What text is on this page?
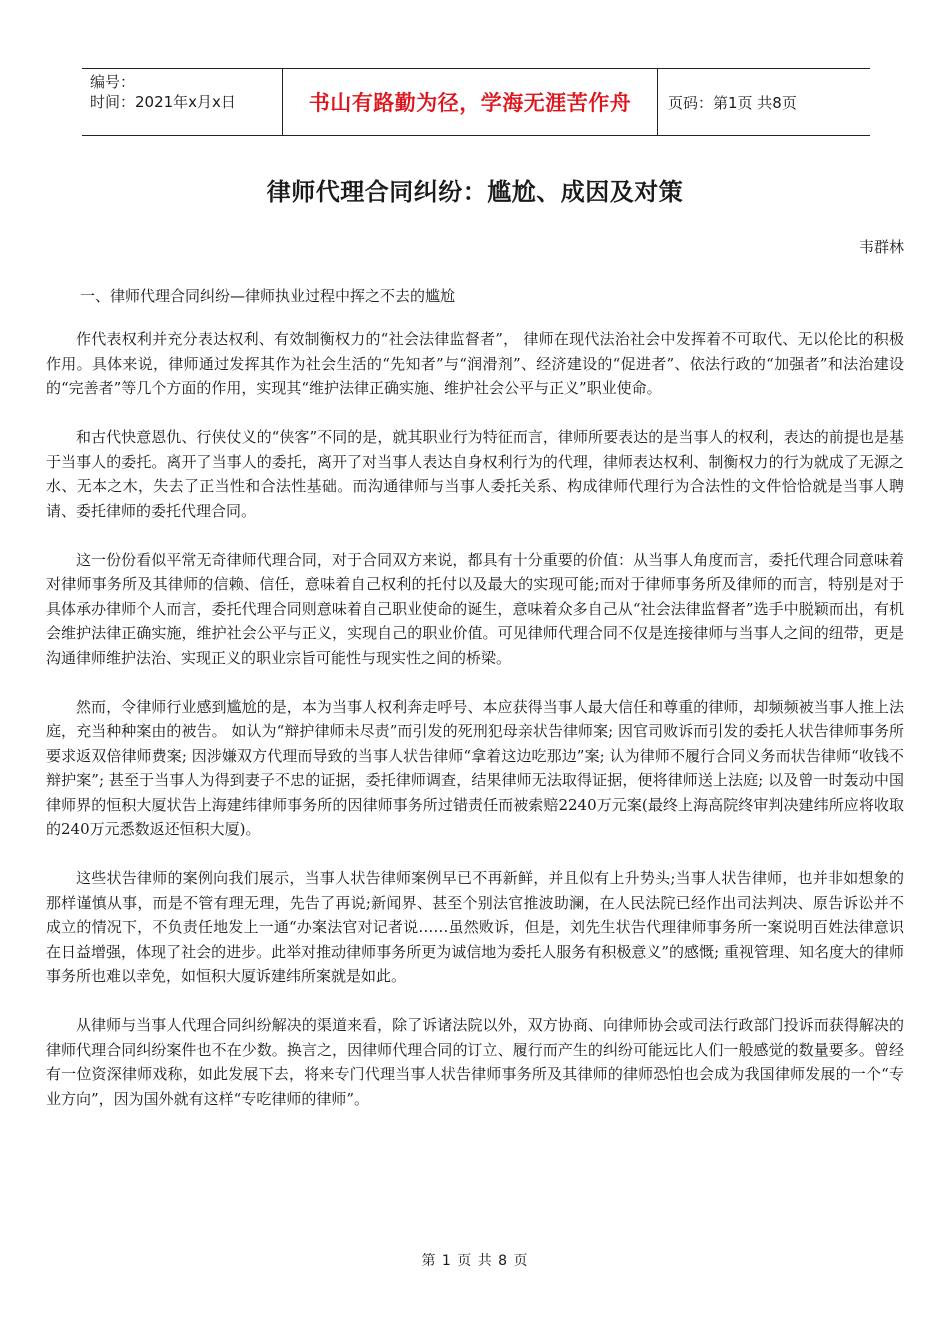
编号：
时间：2021年x月x日	书山有路勤为径，学海无涯苦作舟	页码：第1页 共8页
律师代理合同纠纷：尴尬、成因及对策
韦群林
一、律师代理合同纠纷—律师执业过程中挥之不去的尴尬

作代表权利并充分表达权利、有效制衡权力的“社会法律监督者”， 律师在现代法治社会中发挥着不可取代、无以伦比的积极作用。具体来说，律师通过发挥其作为社会生活的“先知者”与“润滑剂”、经济建设的“促进者”、依法行政的“加强者”和法治建设的“完善者”等几个方面的作用，实现其“维护法律正确实施、维护社会公平与正义”职业使命。

和古代快意恩仇、行侠仗义的“侠客”不同的是，就其职业行为特征而言，律师所要表达的是当事人的权利，表达的前提也是基于当事人的委托。离开了当事人的委托，离开了对当事人表达自身权利行为的代理，律师表达权利、制衡权力的行为就成了无源之水、无本之木，失去了正当性和合法性基础。而沟通律师与当事人委托关系、构成律师代理行为合法性的文件恰恰就是当事人聘请、委托律师的委托代理合同。

这一份份看似平常无奇律师代理合同，对于合同双方来说，都具有十分重要的价值：从当事人角度而言，委托代理合同意味着对律师事务所及其律师的信赖、信任，意味着自己权利的托付以及最大的实现可能;而对于律师事务所及律师的而言，特别是对于具体承办律师个人而言，委托代理合同则意味着自己职业使命的诞生，意味着众多自己从“社会法律监督者”选手中脱颖而出，有机会维护法律正确实施，维护社会公平与正义，实现自己的职业价值。可见律师代理合同不仅是连接律师与当事人之间的纽带，更是沟通律师维护法治、实现正义的职业宗旨可能性与现实性之间的桥梁。

然而，令律师行业感到尴尬的是，本为当事人权利奔走呼号、本应获得当事人最大信任和尊重的律师，却频频被当事人推上法庭，充当种种案由的被告。 如认为“辩护律师未尽责”而引发的死刑犯母亲状告律师案; 因官司败诉而引发的委托人状告律师事务所要求返双倍律师费案; 因涉嫌双方代理而导致的当事人状告律师“拿着这边吃那边”案; 认为律师不履行合同义务而状告律师“收钱不辩护案”; 甚至于当事人为得到妻子不忠的证据，委托律师调查，结果律师无法取得证据，便将律师送上法庭; 以及曾一时轰动中国律师界的恒积大厦状告上海建纬律师事务所的因律师事务所过错责任而被索赔2240万元案(最终上海高院终审判决建纬所应将收取的240万元悉数返还恒积大厦)。

这些状告律师的案例向我们展示，当事人状告律师案例早已不再新鲜，并且似有上升势头;当事人状告律师，也并非如想象的那样谨慎从事，而是不管有理无理，先告了再说;新闻界、甚至个别法官推波助澜，在人民法院已经作出司法判决、原告诉讼并不成立的情况下，不负责任地发上一通“办案法官对记者说……虽然败诉，但是，刘先生状告代理律师事务所一案说明百姓法律意识在日益增强，体现了社会的进步。此举对推动律师事务所更为诚信地为委托人服务有积极意义”的感慨; 重视管理、知名度大的律师事务所也难以幸免，如恒积大厦诉建纬所案就是如此。

从律师与当事人代理合同纠纷解决的渠道来看，除了诉诸法院以外，双方协商、向律师协会或司法行政部门投诉而获得解决的律师代理合同纠纷案件也不在少数。换言之，因律师代理合同的订立、履行而产生的纠纷可能远比人们一般感觉的数量要多。曾经有一位资深律师戏称，如此发展下去，将来专门代理当事人状告律师事务所及其律师的律师恐怕也会成为我国律师发展的一个“专业方向”，因为国外就有这样“专吃律师的律师”。

第 1 页 共 8 页
